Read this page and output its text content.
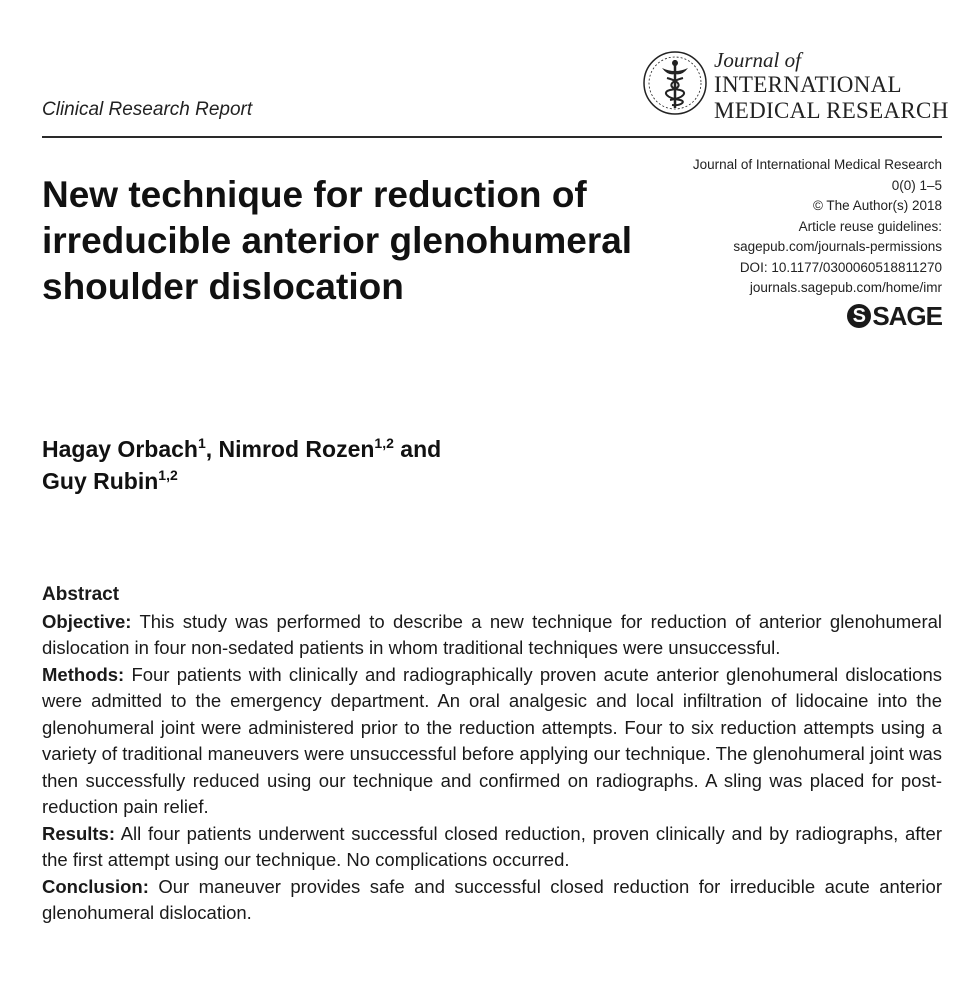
Clinical Research Report
Journal of
INTERNATIONAL
MEDICAL RESEARCH
New technique for reduction of irreducible anterior glenohumeral shoulder dislocation
Journal of International Medical Research
0(0) 1–5
© The Author(s) 2018
Article reuse guidelines:
sagepub.com/journals-permissions
DOI: 10.1177/0300060518811270
journals.sagepub.com/home/imr
S SAGE
Hagay Orbach$^1$, Nimrod Rozen$^{1,2}$ and
Guy Rubin$^{1,2}$
Abstract

Objective: This study was performed to describe a new technique for reduction of anterior glenohumeral dislocation in four non-sedated patients in whom traditional techniques were unsuccessful.

Methods: Four patients with clinically and radiographically proven acute anterior glenohumeral dislocations were admitted to the emergency department. An oral analgesic and local infiltration of lidocaine into the glenohumeral joint were administered prior to the reduction attempts. Four to six reduction attempts using a variety of traditional maneuvers were unsuccessful before applying our technique. The glenohumeral joint was then successfully reduced using our technique and confirmed on radiographs. A sling was placed for post-reduction pain relief.

Results: All four patients underwent successful closed reduction, proven clinically and by radiographs, after the first attempt using our technique. No complications occurred.

Conclusion: Our maneuver provides safe and successful closed reduction for irreducible acute anterior glenohumeral dislocation.
